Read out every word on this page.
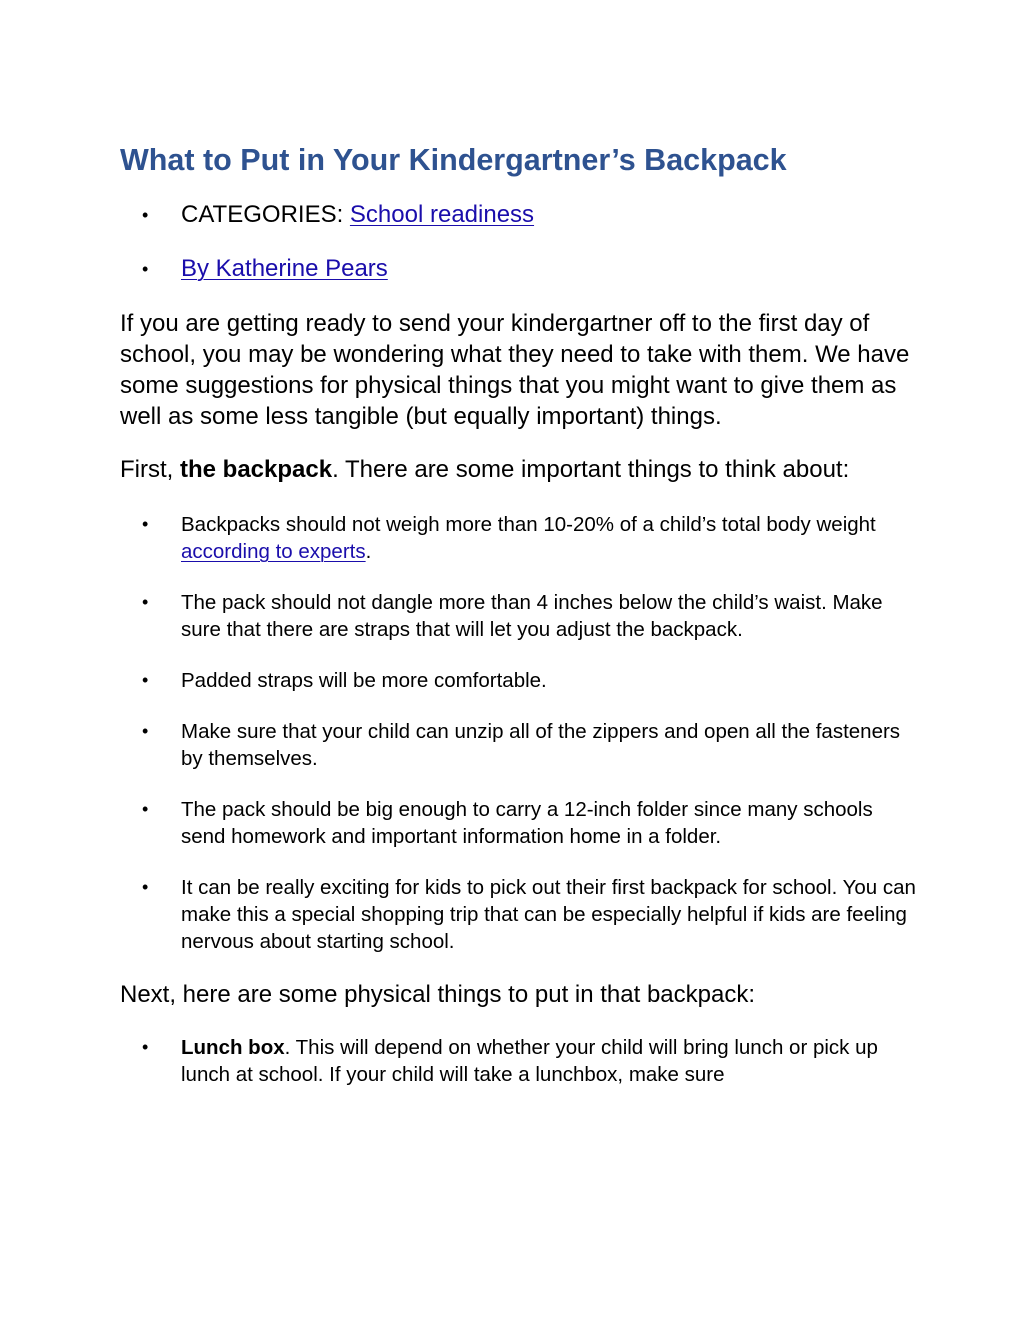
What to Put in Your Kindergartner’s Backpack
• CATEGORIES: School readiness
• By Katherine Pears

If you are getting ready to send your kindergartner off to the first day of school, you may be wondering what they need to take with them. We have some suggestions for physical things that you might want to give them as well as some less tangible (but equally important) things.

First, the backpack. There are some important things to think about:

• Backpacks should not weigh more than 10-20% of a child’s total body weight according to experts.
• The pack should not dangle more than 4 inches below the child’s waist. Make sure that there are straps that will let you adjust the backpack.
• Padded straps will be more comfortable.
• Make sure that your child can unzip all of the zippers and open all the fasteners by themselves.
• The pack should be big enough to carry a 12-inch folder since many schools send homework and important information home in a folder.
• It can be really exciting for kids to pick out their first backpack for school. You can make this a special shopping trip that can be especially helpful if kids are feeling nervous about starting school.

Next, here are some physical things to put in that backpack:

• Lunch box. This will depend on whether your child will bring lunch or pick up lunch at school. If your child will take a lunchbox, make sure
